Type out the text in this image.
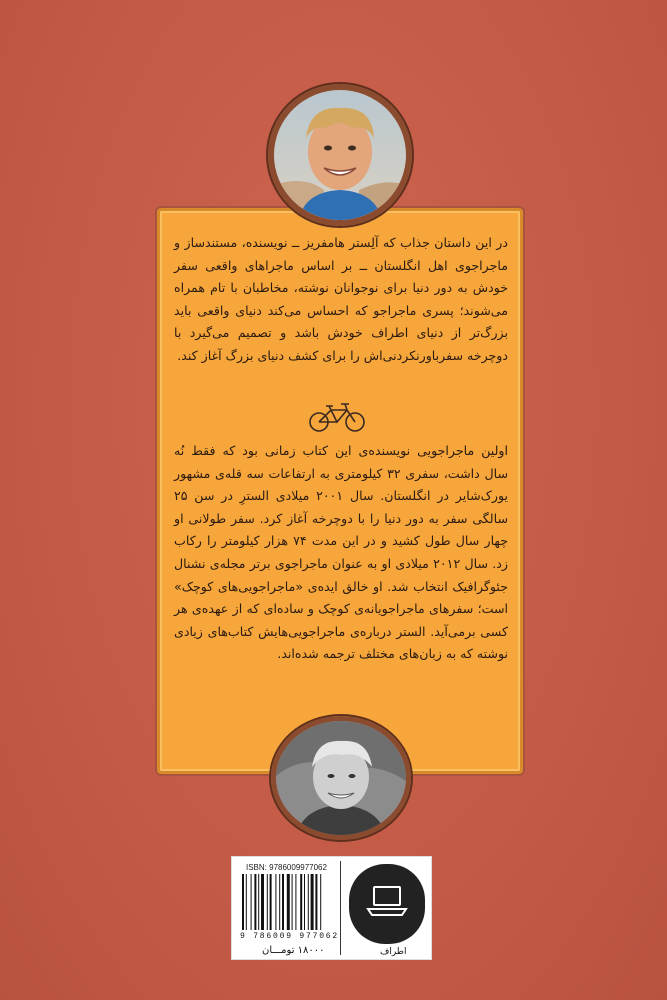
در این داستان جذاب که آلِستر هامفریز ــ نویسنده، مستندساز و ماجراجوی اهل انگلستان ــ بر اساس ماجراهای واقعی سفر خودش به دور دنیا برای نوجوانان نوشته، مخاطبان با تام همراه می‌شوند؛ پسری ماجراجو که احساس می‌کند دنیای واقعی باید بزرگ‌تر از دنیای اطراف خودش باشد و تصمیم می‌گیرد با دوچرخه سفرباورنکردنی‌اش را برای کشف دنیای بزرگ آغاز کند.
اولین ماجراجویی نویسنده‌ی این کتاب زمانی بود که فقط نُه سال داشت، سفری ۳۲ کیلومتری به ارتفاعات سه قله‌ی مشهور یورک‌شایر در انگلستان. سال ۲۰۰۱ میلادی السترِ در سن ۲۵ سالگی سفر به دور دنیا را با دوچرخه آغاز کرد. سفر طولانی او چهار سال طول کشید و در این مدت ۷۴ هزار کیلومتر را رکاب زد. سال ۲۰۱۲ میلادی او به عنوان ماجراجوی برتر مجله‌ی نشنال جئوگرافیک انتخاب شد. او خالق ایده‌ی «ماجراجویی‌های کوچک» است؛ سفرهای ماجراجویانه‌ی کوچک و ساده‌ای که از عهده‌ی هر کسی برمی‌آید. الستر درباره‌ی ماجراجویی‌هایش کتاب‌های زیادی نوشته که به زبان‌های مختلف ترجمه شده‌اند.
ISBN: 9786009977062
9 786009 977062
۱۸۰۰۰ تومـــان	اطراف
